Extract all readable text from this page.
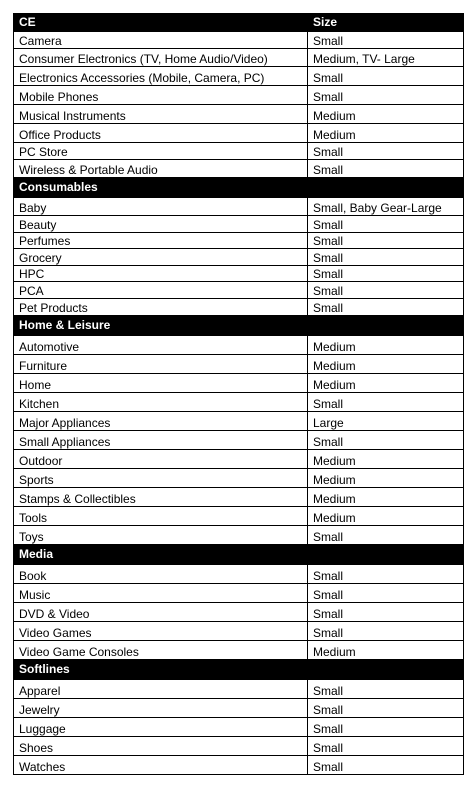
CE	Size
Camera	Small
Consumer Electronics (TV, Home Audio/Video)	Medium, TV- Large
Electronics Accessories (Mobile, Camera, PC)	Small
Mobile Phones	Small
Musical Instruments	Medium
Office Products	Medium
PC Store	Small
Wireless & Portable Audio	Small
Consumables	
Baby	Small, Baby Gear-Large
Beauty	Small
Perfumes	Small
Grocery	Small
HPC	Small
PCA	Small
Pet Products	Small
Home & Leisure	
Automotive	Medium
Furniture	Medium
Home	Medium
Kitchen	Small
Major Appliances	Large
Small Appliances	Small
Outdoor	Medium
Sports	Medium
Stamps & Collectibles	Medium
Tools	Medium
Toys	Small
Media	
Book	Small
Music	Small
DVD & Video	Small
Video Games	Small
Video Game Consoles	Medium
Softlines	
Apparel	Small
Jewelry	Small
Luggage	Small
Shoes	Small
Watches	Small
